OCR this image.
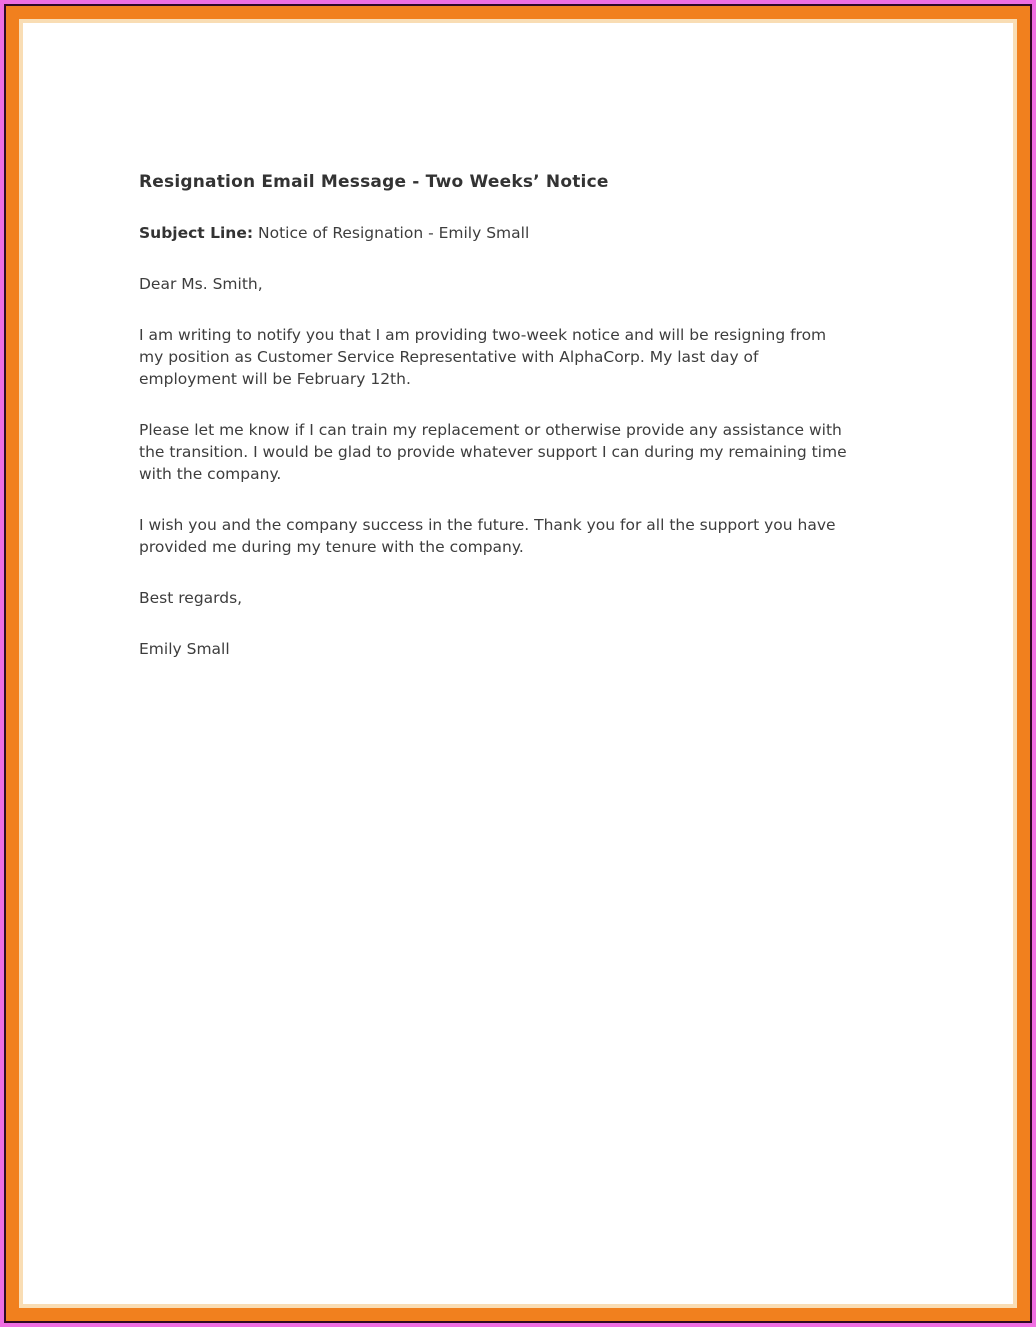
Resignation Email Message - Two Weeks’ Notice
Subject Line: Notice of Resignation - Emily Small
Dear Ms. Smith,
I am writing to notify you that I am providing two-week notice and will be resigning from
my position as Customer Service Representative with AlphaCorp. My last day of
employment will be February 12th.
Please let me know if I can train my replacement or otherwise provide any assistance with
the transition. I would be glad to provide whatever support I can during my remaining time
with the company.
I wish you and the company success in the future. Thank you for all the support you have
provided me during my tenure with the company.
Best regards,
Emily Small
